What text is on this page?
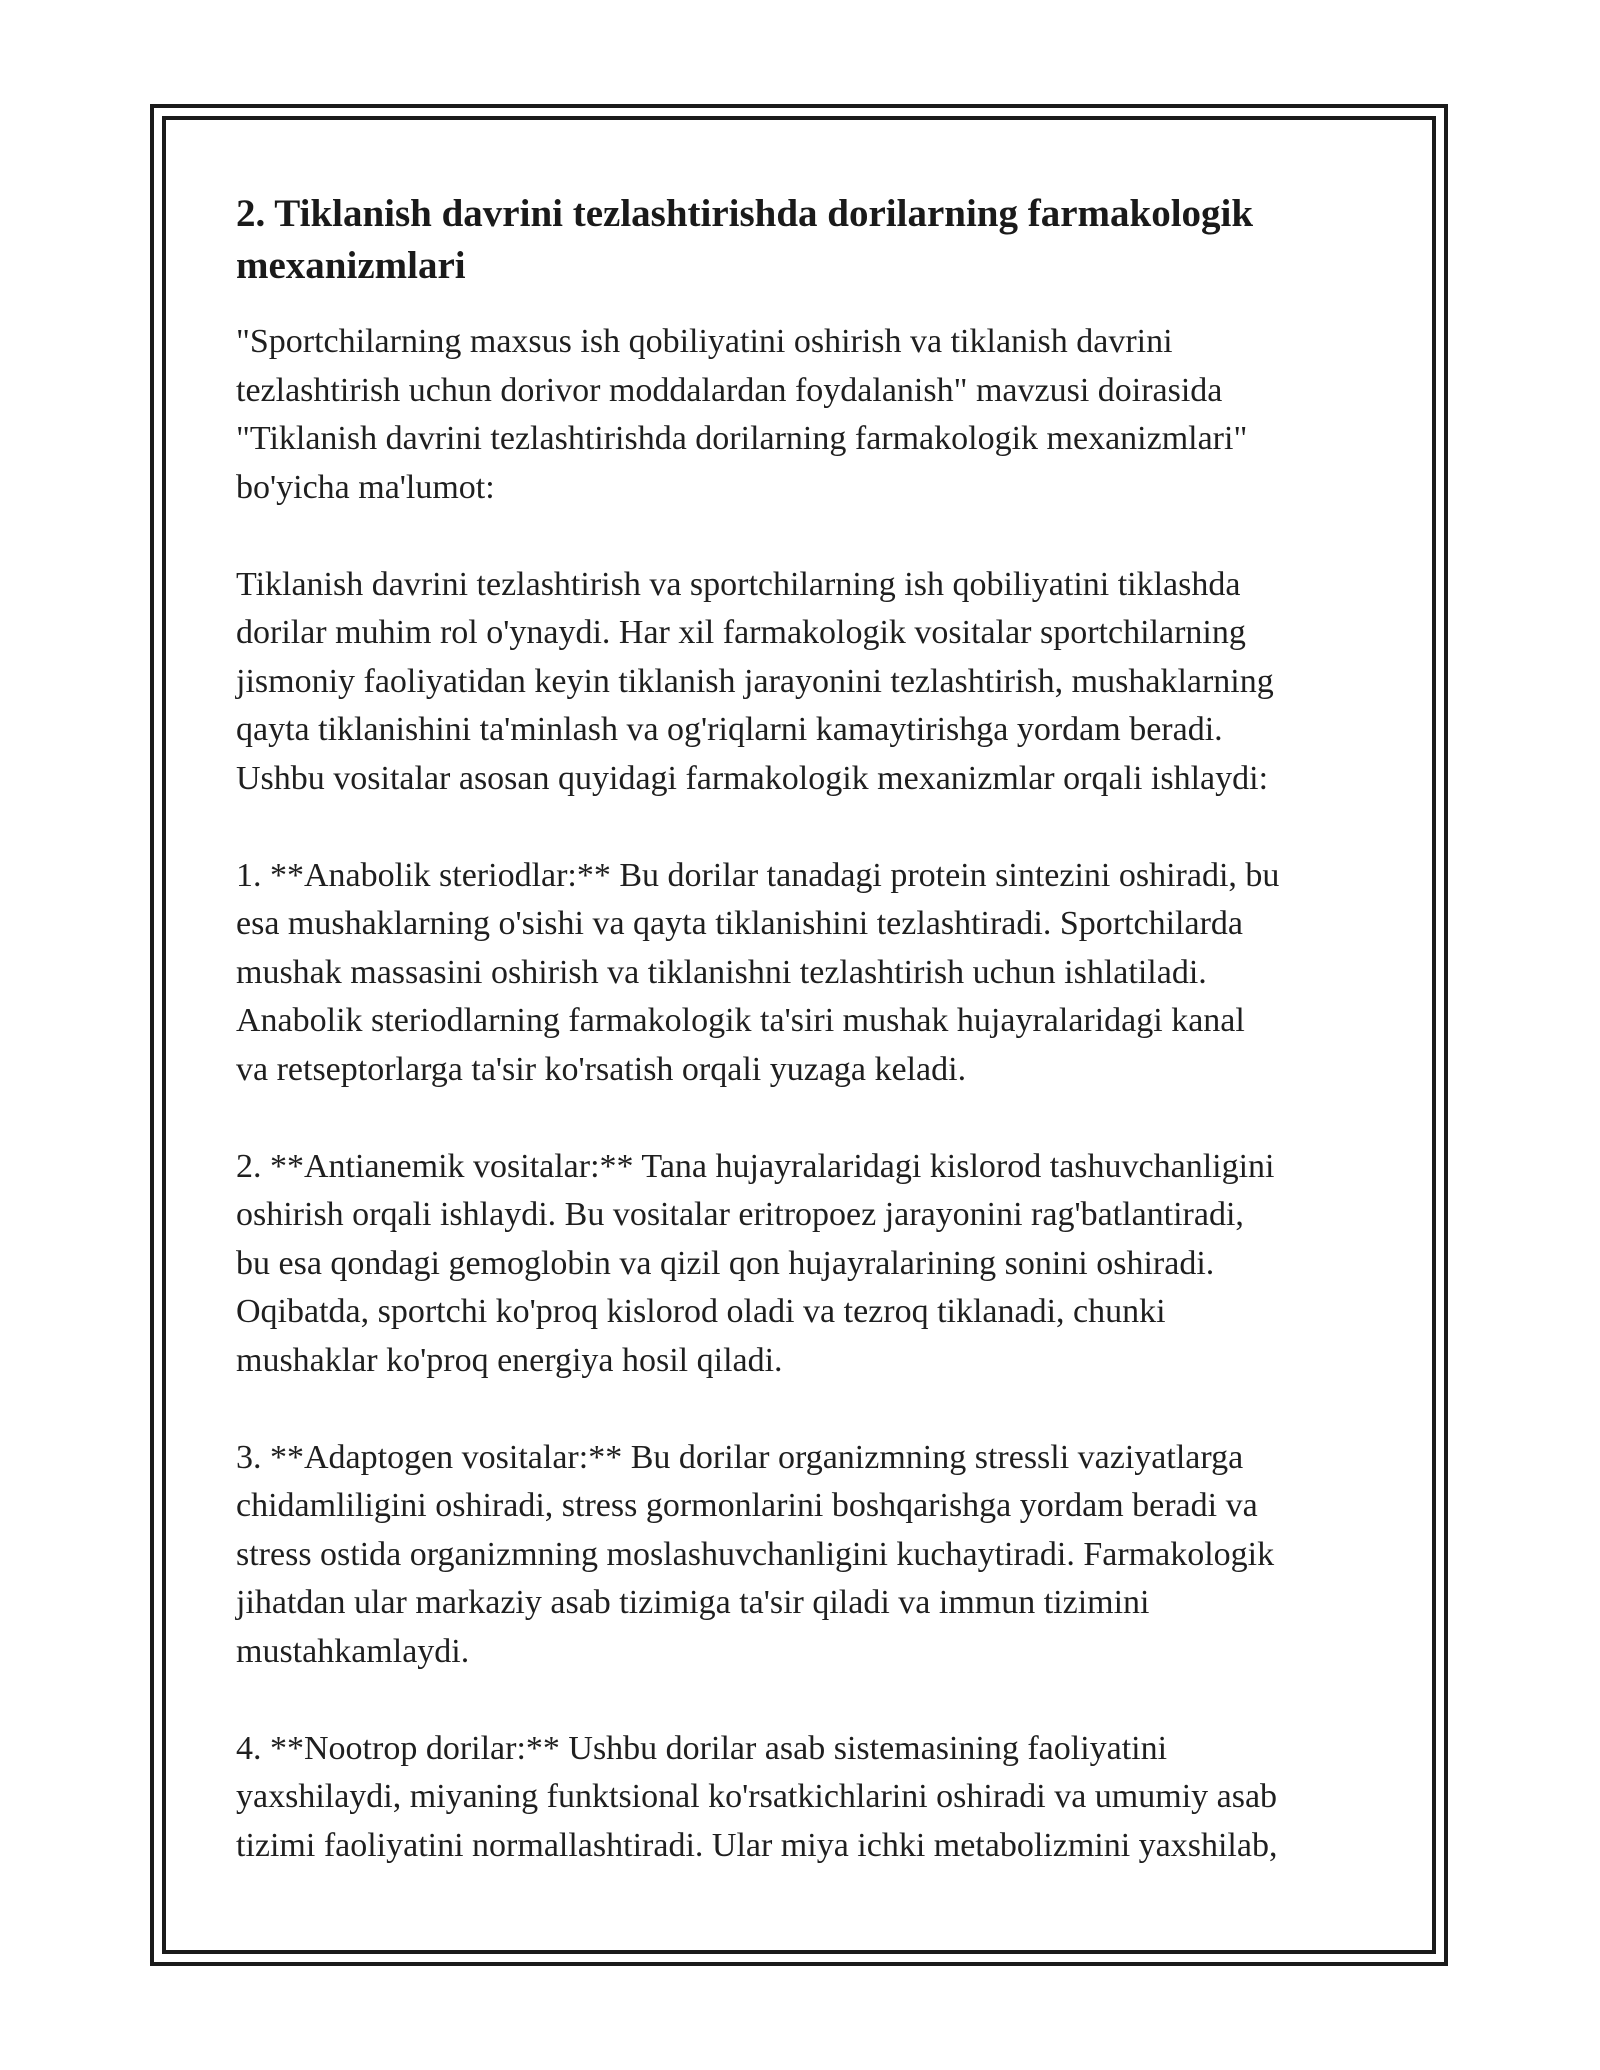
2. Tiklanish davrini tezlashtirishda dorilarning farmakologik
mexanizmlari

"Sportchilarning maxsus ish qobiliyatini oshirish va tiklanish davrini
tezlashtirish uchun dorivor moddalardan foydalanish" mavzusi doirasida
"Tiklanish davrini tezlashtirishda dorilarning farmakologik mexanizmlari"
bo'yicha ma'lumot:

Tiklanish davrini tezlashtirish va sportchilarning ish qobiliyatini tiklashda
dorilar muhim rol o'ynaydi. Har xil farmakologik vositalar sportchilarning
jismoniy faoliyatidan keyin tiklanish jarayonini tezlashtirish, mushaklarning
qayta tiklanishini ta'minlash va og'riqlarni kamaytirishga yordam beradi.
Ushbu vositalar asosan quyidagi farmakologik mexanizmlar orqali ishlaydi:

1. **Anabolik steriodlar:** Bu dorilar tanadagi protein sintezini oshiradi, bu
esa mushaklarning o'sishi va qayta tiklanishini tezlashtiradi. Sportchilarda
mushak massasini oshirish va tiklanishni tezlashtirish uchun ishlatiladi.
Anabolik steriodlarning farmakologik ta'siri mushak hujayralaridagi kanal
va retseptorlarga ta'sir ko'rsatish orqali yuzaga keladi.

2. **Antianemik vositalar:** Tana hujayralaridagi kislorod tashuvchanligini
oshirish orqali ishlaydi. Bu vositalar eritropoez jarayonini rag'batlantiradi,
bu esa qondagi gemoglobin va qizil qon hujayralarining sonini oshiradi.
Oqibatda, sportchi ko'proq kislorod oladi va tezroq tiklanadi, chunki
mushaklar ko'proq energiya hosil qiladi.

3. **Adaptogen vositalar:** Bu dorilar organizmning stressli vaziyatlarga
chidamliligini oshiradi, stress gormonlarini boshqarishga yordam beradi va
stress ostida organizmning moslashuvchanligini kuchaytiradi. Farmakologik
jihatdan ular markaziy asab tizimiga ta'sir qiladi va immun tizimini
mustahkamlaydi.

4. **Nootrop dorilar:** Ushbu dorilar asab sistemasining faoliyatini
yaxshilaydi, miyaning funktsional ko'rsatkichlarini oshiradi va umumiy asab
tizimi faoliyatini normallashtiradi. Ular miya ichki metabolizmini yaxshilab,
